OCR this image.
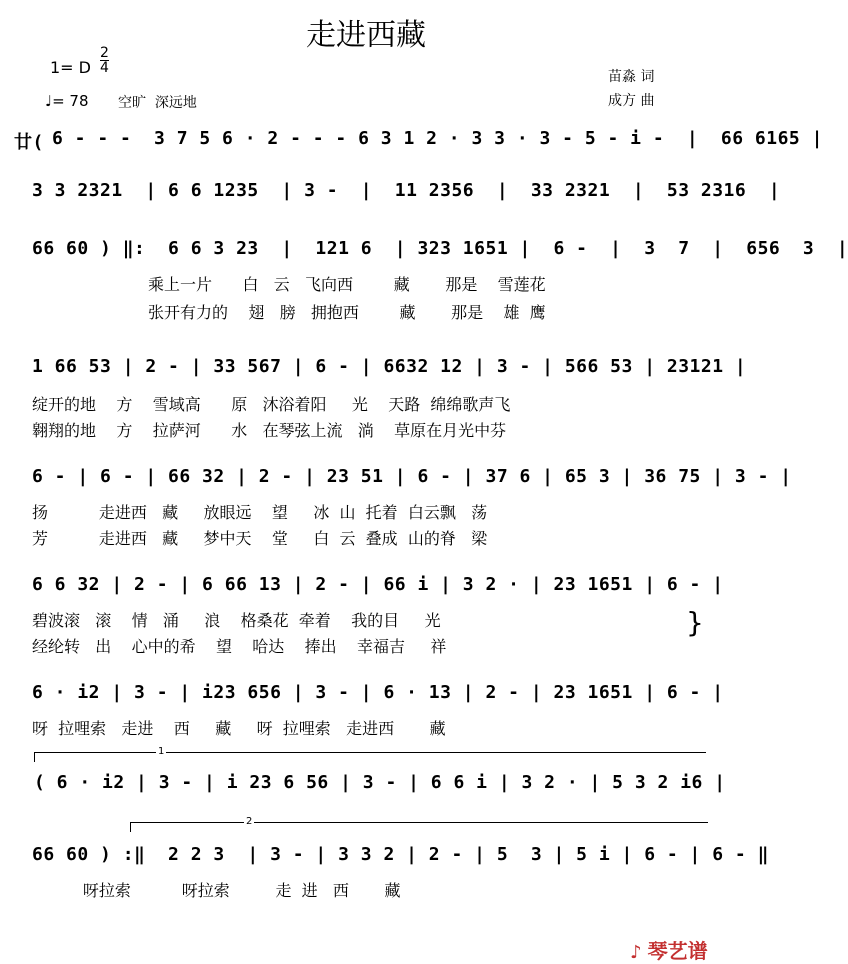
走进西藏
1= D
2
4
♩= 78 空旷  深远地
苗淼 词
成方 曲
廿( 6 - - -  3 7 5 6 · 2 - - - 6 3 1 2 · 3 3 · 3 - 5 - i -  |  66 6165 |
3 3 2321  | 6 6 1235  | 3 -  |  11 2356  |  33 2321  |  53 2316  |
66 60 ) ‖:  6 6 3 23  |  121 6  | 323 1651 |  6 -  |  3  7  |  656  3  |
乘上一片      白   云   飞向西        藏       那是    雪莲花
张开有力的    翅   膀   拥抱西        藏       那是    雄  鹰
1 66 53 | 2 - | 33 567 | 6 - | 6632 12 | 3 - | 566 53 | 23121 |
绽开的地    方    雪域高      原   沐浴着阳     光    天路  绵绵歌声飞
翱翔的地    方    拉萨河      水   在琴弦上流   淌    草原在月光中芬
6 - | 6 - | 66 32 | 2 - | 23 51 | 6 - | 37 6 | 65 3 | 36 75 | 3 - |
扬          走进西   藏     放眼远    望     冰  山  托着  白云飘   荡
芳          走进西   藏     梦中天    堂     白  云  叠成  山的脊   梁
6 6 32 | 2 - | 6 66 13 | 2 - | 66 i | 3 2 · | 23 1651 | 6 - |
碧波滚   滚    情   涌     浪    格桑花  牵着    我的目     光
经纶转   出    心中的希    望    哈达    捧出    幸福吉     祥
}
6 · i2 | 3 - | i23 656 | 3 - | 6 · 13 | 2 - | 23 1651 | 6 - |
呀  拉哩索   走进    西     藏     呀  拉哩索   走进西       藏
1
( 6 · i2 | 3 - | i 23 6 56 | 3 - | 6 6 i | 3 2 · | 5 3 2 i6 |
2
66 60 ) :‖  2 2 3  | 3 - | 3 3 2 | 2 - | 5  3 | 5 i | 6 - | 6 - ‖
呀拉索          呀拉索         走  进   西       藏

♪ 琴艺谱
